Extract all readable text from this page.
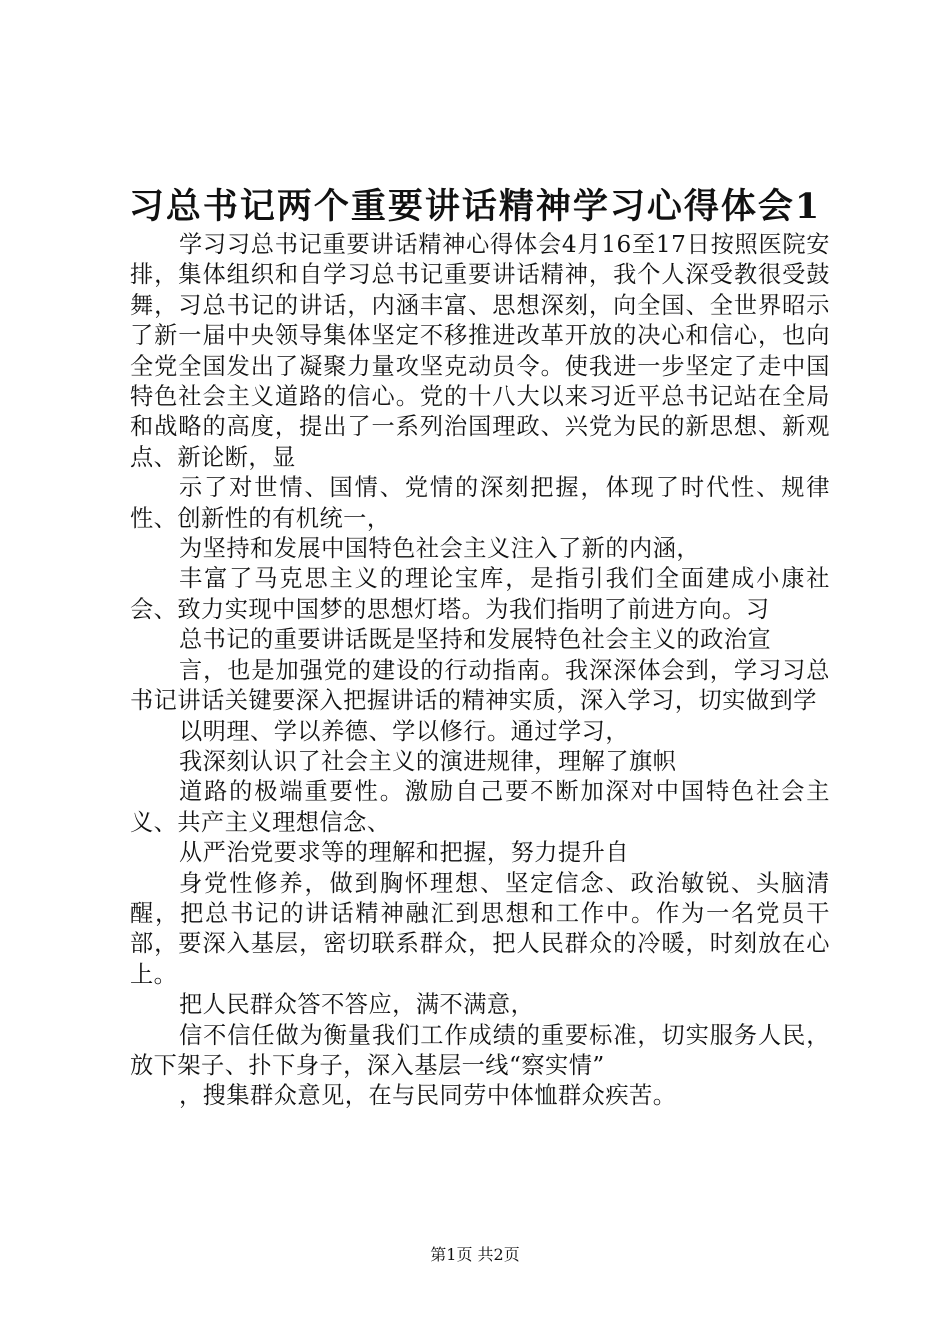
习总书记两个重要讲话精神学习心得体会1

学习习总书记重要讲话精神心得体会4月16至17日按照医院安排，集体组织和自学习总书记重要讲话精神，我个人深受教很受鼓舞，习总书记的讲话，内涵丰富、思想深刻，向全国、全世界昭示了新一届中央领导集体坚定不移推进改革开放的决心和信心，也向全党全国发出了凝聚力量攻坚克动员令。使我进一步坚定了走中国特色社会主义道路的信心。党的十八大以来习近平总书记站在全局和战略的高度，提出了一系列治国理政、兴党为民的新思想、新观点、新论断，显

示了对世情、国情、党情的深刻把握，体现了时代性、规律性、创新性的有机统一，

为坚持和发展中国特色社会主义注入了新的内涵，

丰富了马克思主义的理论宝库，是指引我们全面建成小康社会、致力实现中国梦的思想灯塔。为我们指明了前进方向。习

总书记的重要讲话既是坚持和发展特色社会主义的政治宣

言，也是加强党的建设的行动指南。我深深体会到，学习习总书记讲话关键要深入把握讲话的精神实质，深入学习，切实做到学

以明理、学以养德、学以修行。通过学习，

我深刻认识了社会主义的演进规律，理解了旗帜

道路的极端重要性。激励自己要不断加深对中国特色社会主义、共产主义理想信念、

从严治党要求等的理解和把握，努力提升自

身党性修养，做到胸怀理想、坚定信念、政治敏锐、头脑清醒，把总书记的讲话精神融汇到思想和工作中。作为一名党员干部，要深入基层，密切联系群众，把人民群众的冷暖，时刻放在心上。

把人民群众答不答应，满不满意，

信不信任做为衡量我们工作成绩的重要标准，切实服务人民，放下架子、扑下身子，深入基层一线“察实情”

，搜集群众意见，在与民同劳中体恤群众疾苦。

第1页 共2页
